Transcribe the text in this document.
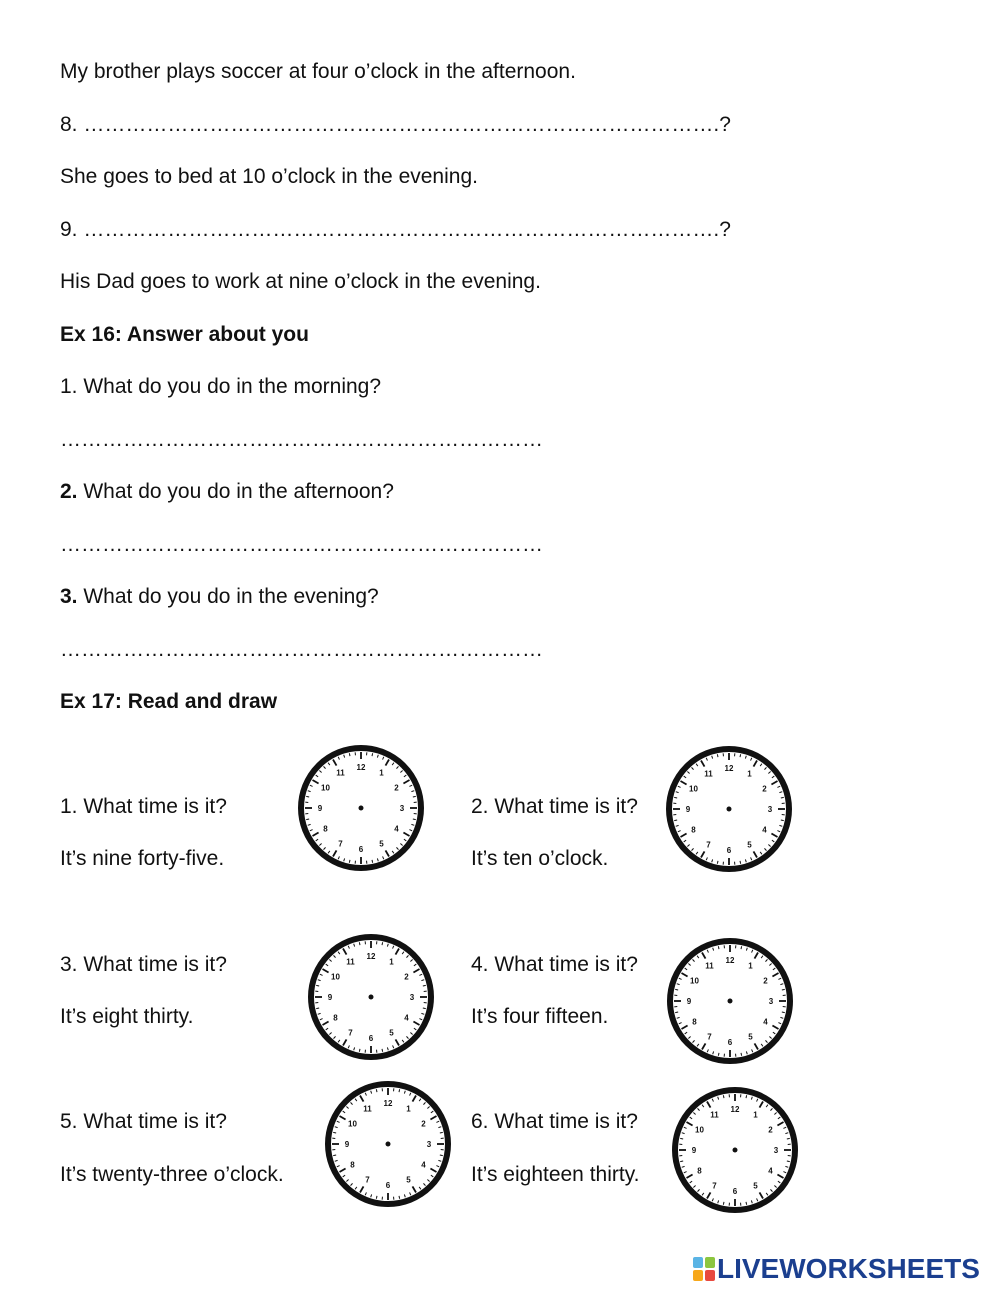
My brother plays soccer at four o’clock in the afternoon.

8. ……………………………………………………………………………….?

She goes to bed at 10 o’clock in the evening.

9. ……………………………………………………………………………….?

His Dad goes to work at nine o’clock in the evening.

Ex 16: Answer about you

1. What do you do in the morning?

……………………………………………………………

2. What do you do in the afternoon?

……………………………………………………………

3. What do you do in the evening?

……………………………………………………………

Ex 17: Read and draw

1. What time is it?

It’s nine forty-five.

2. What time is it?

It’s ten o’clock.

3. What time is it?

It’s eight thirty.

4. What time is it?

It’s four fifteen.

5. What time is it?

It’s twenty-three o’clock.

6. What time is it?

It’s eighteen thirty.

12
1
2
3
4
5
6
7
8
9
10
11	12
1
2
3
4
5
6
7
8
9
10
11
12
1
2
3
4
5
6
7
8
9
10
11	12
1
2
3
4
5
6
7
8
9
10
11
12
1
2
3
4
5
6
7
8
9
10
11	12
1
2
3
4
5
6
7
8
9
10
11
LIVEWORKSHEETS
